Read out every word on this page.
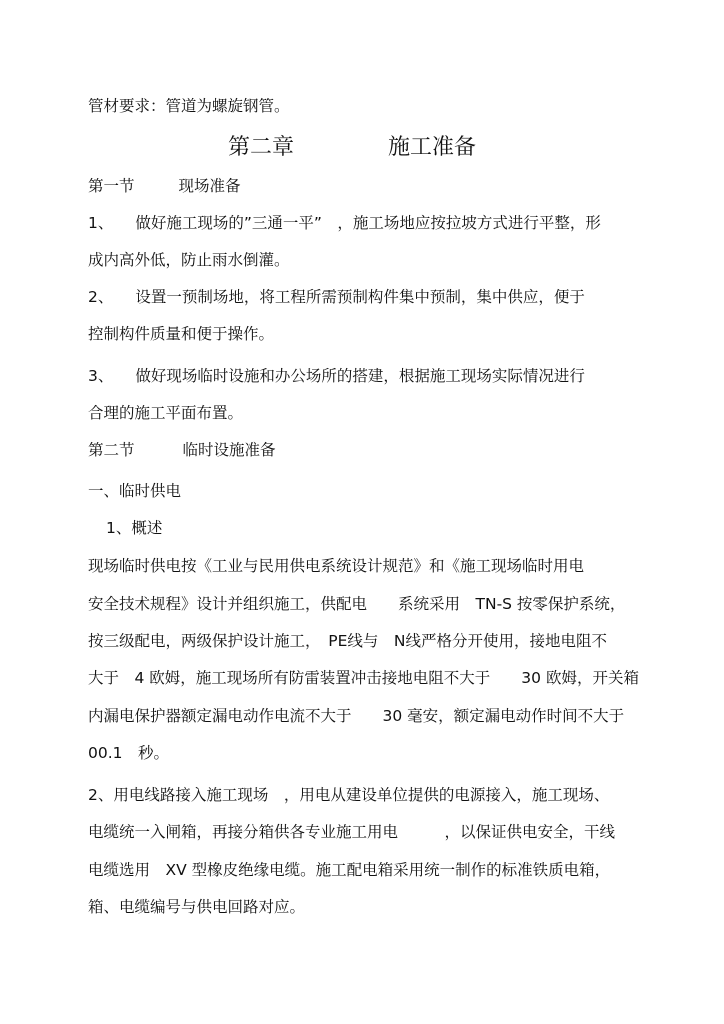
管材要求：管道为螺旋钢管。
第二章	施工准备
第一节	现场准备
1、 做好施工现场的”三通一平”　，施工场地应按拉坡方式进行平整，形
成内高外低，防止雨水倒灌。
2、 设置一预制场地，将工程所需预制构件集中预制，集中供应，便于
控制构件质量和便于操作。
3、 做好现场临时设施和办公场所的搭建，根据施工现场实际情况进行
合理的施工平面布置。
第二节	临时设施准备
一、临时供电
1、概述
现场临时供电按《工业与民用供电系统设计规范》和《施工现场临时用电
安全技术规程》设计并组织施工，供配电　　系统采用　TN-S 按零保护系统，
按三级配电，两级保护设计施工，　PE线与　N线严格分开使用，接地电阻不
大于　4 欧姆，施工现场所有防雷装置冲击接地电阻不大于　　30 欧姆，开关箱
内漏电保护器额定漏电动作电流不大于　　30 毫安，额定漏电动作时间不大于
00.1　秒。
2、用电线路接入施工现场　，用电从建设单位提供的电源接入，施工现场、
电缆统一入闸箱，再接分箱供各专业施工用电　　　，以保证供电安全，干线
电缆选用　XV 型橡皮绝缘电缆。施工配电箱采用统一制作的标准铁质电箱，
箱、电缆编号与供电回路对应。
